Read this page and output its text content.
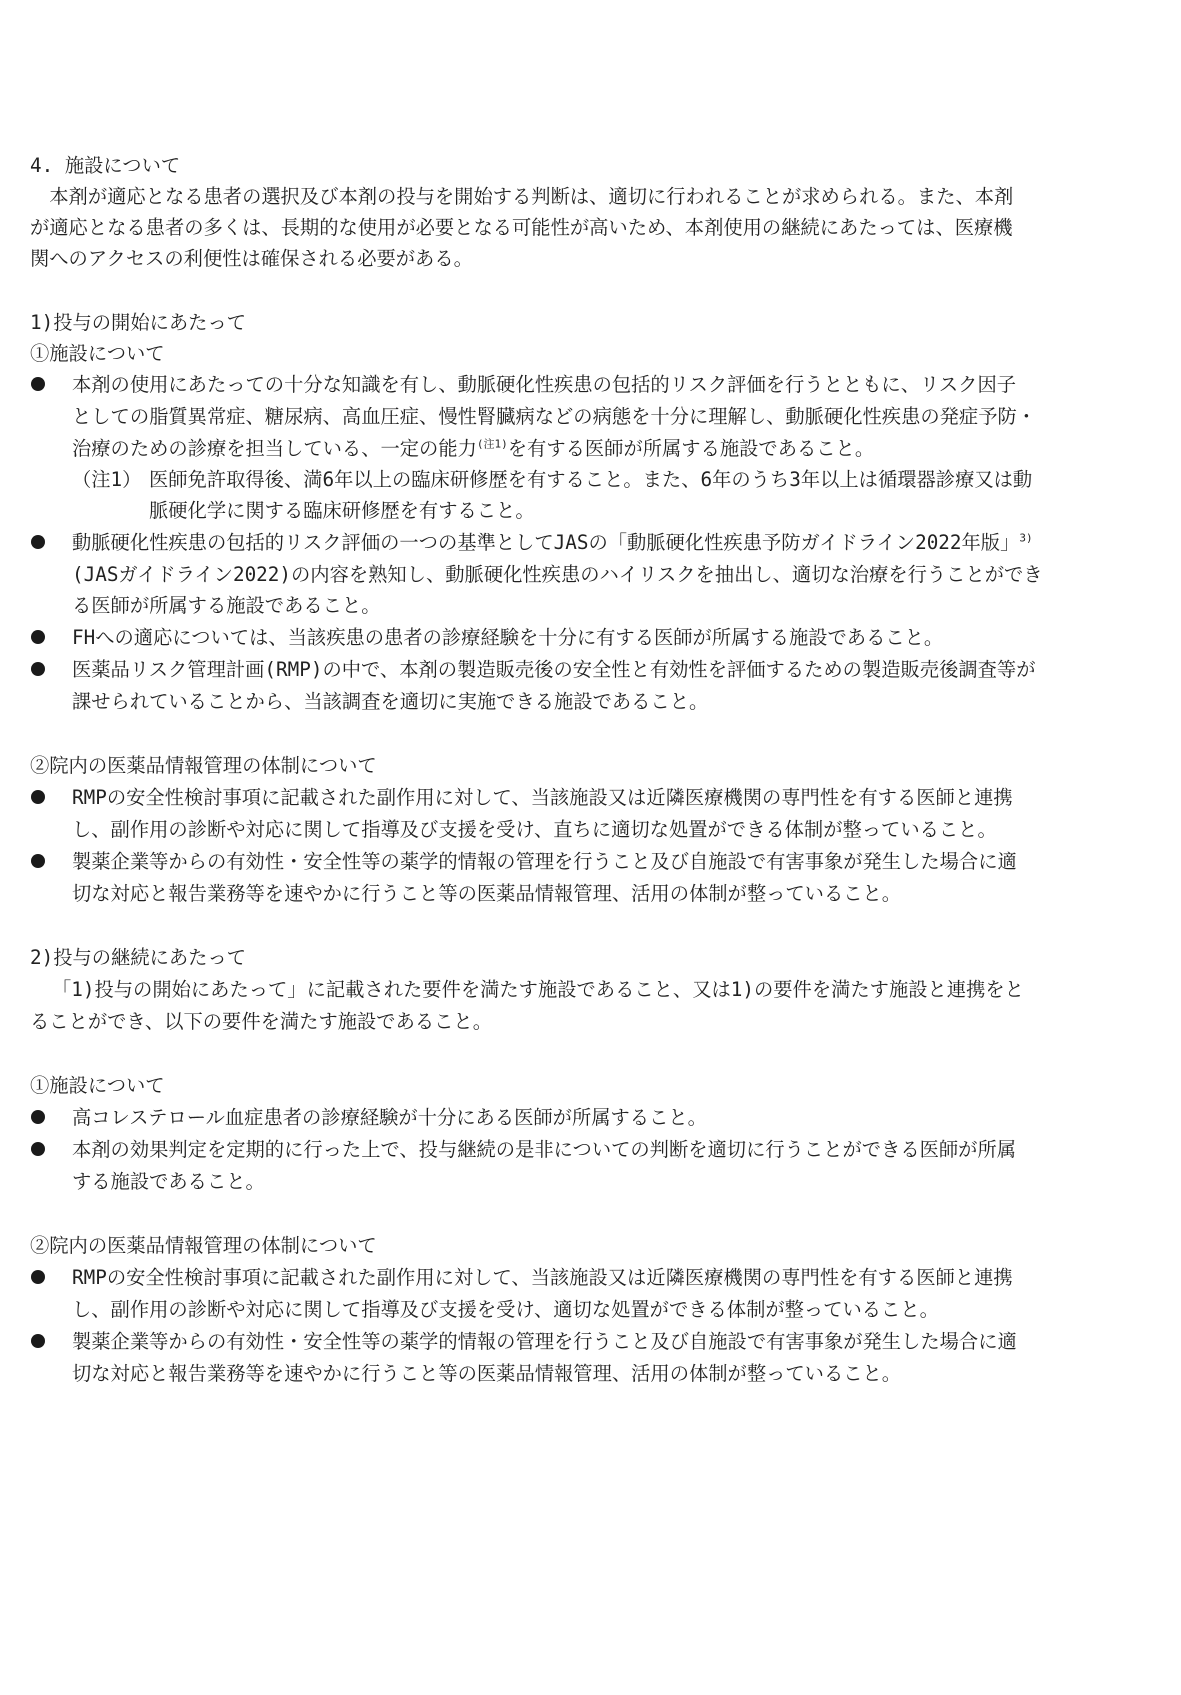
4. 施設について
　本剤が適応となる患者の選択及び本剤の投与を開始する判断は、適切に行われることが求められる。また、本剤
が適応となる患者の多くは、長期的な使用が必要となる可能性が高いため、本剤使用の継続にあたっては、医療機
関へのアクセスの利便性は確保される必要がある。
1)投与の開始にあたって
①施設について
本剤の使用にあたっての十分な知識を有し、動脈硬化性疾患の包括的リスク評価を行うとともに、リスク因子
としての脂質異常症、糖尿病、高血圧症、慢性腎臓病などの病態を十分に理解し、動脈硬化性疾患の発症予防・
治療のための診療を担当している、一定の能力$^{(注1)}$を有する医師が所属する施設であること。
（注1） 医師免許取得後、満6年以上の臨床研修歴を有すること。また、6年のうち3年以上は循環器診療又は動
脈硬化学に関する臨床研修歴を有すること。
動脈硬化性疾患の包括的リスク評価の一つの基準としてJASの「動脈硬化性疾患予防ガイドライン2022年版」$^{3)}$
(JASガイドライン2022)の内容を熟知し、動脈硬化性疾患のハイリスクを抽出し、適切な治療を行うことができ
る医師が所属する施設であること。
FHへの適応については、当該疾患の患者の診療経験を十分に有する医師が所属する施設であること。
医薬品リスク管理計画(RMP)の中で、本剤の製造販売後の安全性と有効性を評価するための製造販売後調査等が
課せられていることから、当該調査を適切に実施できる施設であること。
②院内の医薬品情報管理の体制について
RMPの安全性検討事項に記載された副作用に対して、当該施設又は近隣医療機関の専門性を有する医師と連携
し、副作用の診断や対応に関して指導及び支援を受け、直ちに適切な処置ができる体制が整っていること。
製薬企業等からの有効性・安全性等の薬学的情報の管理を行うこと及び自施設で有害事象が発生した場合に適
切な対応と報告業務等を速やかに行うこと等の医薬品情報管理、活用の体制が整っていること。
2)投与の継続にあたって
「1)投与の開始にあたって」に記載された要件を満たす施設であること、又は1)の要件を満たす施設と連携をと
ることができ、以下の要件を満たす施設であること。
①施設について
高コレステロール血症患者の診療経験が十分にある医師が所属すること。
本剤の効果判定を定期的に行った上で、投与継続の是非についての判断を適切に行うことができる医師が所属
する施設であること。
②院内の医薬品情報管理の体制について
RMPの安全性検討事項に記載された副作用に対して、当該施設又は近隣医療機関の専門性を有する医師と連携
し、副作用の診断や対応に関して指導及び支援を受け、適切な処置ができる体制が整っていること。
製薬企業等からの有効性・安全性等の薬学的情報の管理を行うこと及び自施設で有害事象が発生した場合に適
切な対応と報告業務等を速やかに行うこと等の医薬品情報管理、活用の体制が整っていること。
